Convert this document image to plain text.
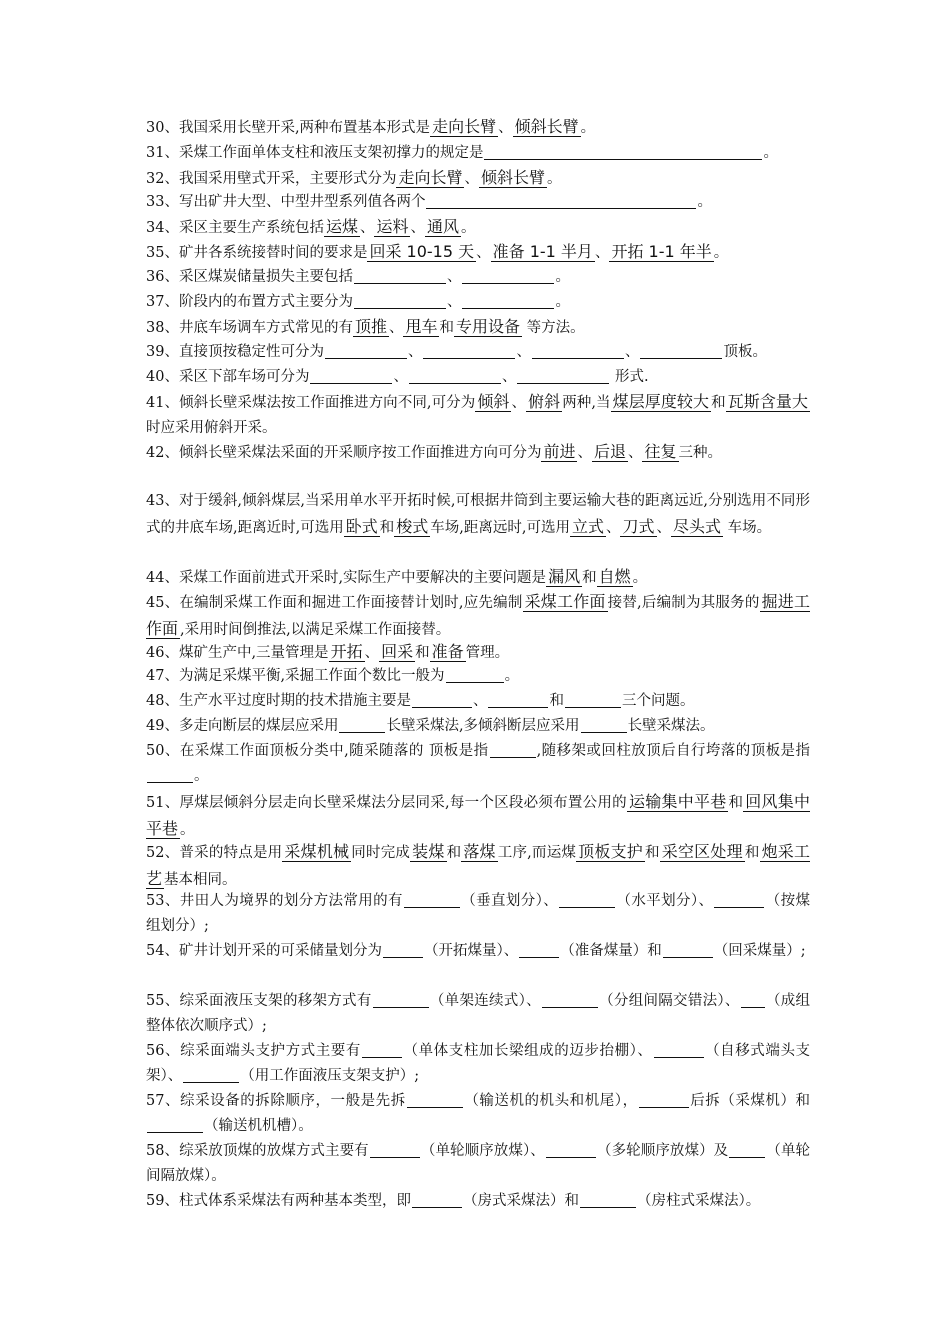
30、我国采用长壁开采,两种布置基本形式是 走向长臂 、 倾斜长臂 。
31、采煤工作面单体支柱和液压支架初撑力的规定是	。
32、我国采用壁式开采，主要形式分为 走向长臂 、 倾斜长臂 。
33、写出矿井大型、中型井型系列值各两个	。
34、采区主要生产系统包括 运煤 、 运料 、 通风 。
35、矿井各系统接替时间的要求是 回采 10-15 天 、 准备 1-1 半月 、 开拓 1-1 年半 。
36、采区煤炭储量损失主要包括	、	。
37、阶段内的布置方式主要分为	、	。
38、井底车场调车方式常见的有 顶推 、 甩车 和 专用设备 等方法。
39、直接顶按稳定性可分为	、	、	、	顶板。
40、采区下部车场可分为	、	、	形式.
41、倾斜长壁采煤法按工作面推进方向不同,可分为 倾斜 、 俯斜 两种,当 煤层厚度较大 和 瓦斯含量大时应采用俯斜开采。
42、倾斜长壁采煤法采面的开采顺序按工作面推进方向可分为 前进 、 后退 、 往复 三种。
43、对于缓斜,倾斜煤层,当采用单水平开拓时候,可根据井筒到主要运输大巷的距离远近,分别选用不同形式的井底车场,距离近时,可选用 卧式 和 梭式 车场,距离远时,可选用 立式 、 刀式 、 尽头式 车场。
44、采煤工作面前进式开采时,实际生产中要解决的主要问题是 漏风 和 自燃 。
45、在编制采煤工作面和掘进工作面接替计划时,应先编制 采煤工作面 接替,后编制为其服务的 掘进工作面 ,采用时间倒推法,以满足采煤工作面接替。
46、煤矿生产中,三量管理是 开拓 、 回采 和 准备 管理。
47、为满足采煤平衡,采掘工作面个数比一般为	。
48、生产水平过度时期的技术措施主要是	、	和	三个问题。
49、多走向断层的煤层应采用	长壁采煤法,多倾斜断层应采用	长壁采煤法。
50、在采煤工作面顶板分类中,随采随落的 顶板是指	,随移架或回柱放顶后自行垮落的顶板是指。
51、厚煤层倾斜分层走向长壁采煤法分层同采,每一个区段必须布置公用的 运输集中平巷 和 回风集中平巷 。
52、普采的特点是用 采煤机械 同时完成 装煤 和 落煤 工序,而运煤 顶板支护 和 采空区处理 和 炮采工艺 基本相同。
53、井田人为境界的划分方法常用的有	（垂直划分）、	（水平划分）、	（按煤组划分）;
54、矿井计划开采的可采储量划分为	（开拓煤量）、	（准备煤量）和	（回采煤量）;
55、综采面液压支架的移架方式有	（单架连续式）、	（分组间隔交错法）、 （成组整体依次顺序式）;
56、综采面端头支护方式主要有	（单体支柱加长梁组成的迈步抬棚）、	（自移式端头支架）、	（用工作面液压支架支护）;
57、综采设备的拆除顺序，一般是先拆	（输送机的机头和机尾），	后拆（采煤机）和（输送机机槽）。
58、综采放顶煤的放煤方式主要有	（单轮顺序放煤）、	（多轮顺序放煤）及	（单轮间隔放煤）。
59、柱式体系采煤法有两种基本类型，即	（房式采煤法）和	（房柱式采煤法）。
